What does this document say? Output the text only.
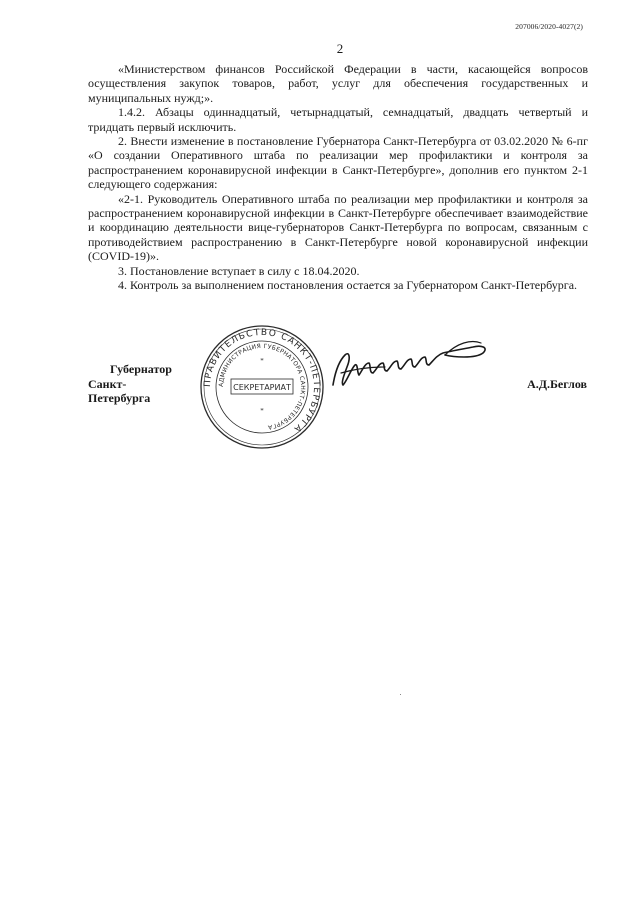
207006/2020-4027(2)
2

«Министерством финансов Российской Федерации в части, касающейся вопросов осуществления закупок товаров, работ, услуг для обеспечения государственных и муниципальных нужд;».

1.4.2. Абзацы одиннадцатый, четырнадцатый, семнадцатый, двадцать четвертый и тридцать первый исключить.

2. Внести изменение в постановление Губернатора Санкт-Петербурга от 03.02.2020 № 6-пг «О создании Оперативного штаба по реализации мер профилактики и контроля за распространением коронавирусной инфекции в Санкт-Петербурге», дополнив его пунктом 2-1 следующего содержания:

«2-1. Руководитель Оперативного штаба по реализации мер профилактики и контроля за распространением коронавирусной инфекции в Санкт-Петербурге обеспечивает взаимодействие и координацию деятельности вице-губернаторов Санкт-Петербурга по вопросам, связанным с противодействием распространению в Санкт-Петербурге новой коронавирусной инфекции (COVID-19)».

3. Постановление вступает в силу с 18.04.2020.

4. Контроль за выполнением постановления остается за Губернатором Санкт-Петербурга.

Губернатор
Санкт-Петербурга
ПРАВИТЕЛЬСТВО САНКТ-ПЕТЕРБУРГА
АДМИНИСТРАЦИЯ ГУБЕРНАТОРА САНКТ-ПЕТЕРБУРГА
СЕКРЕТАРИАТ
*
*
А.Д.Беглов
